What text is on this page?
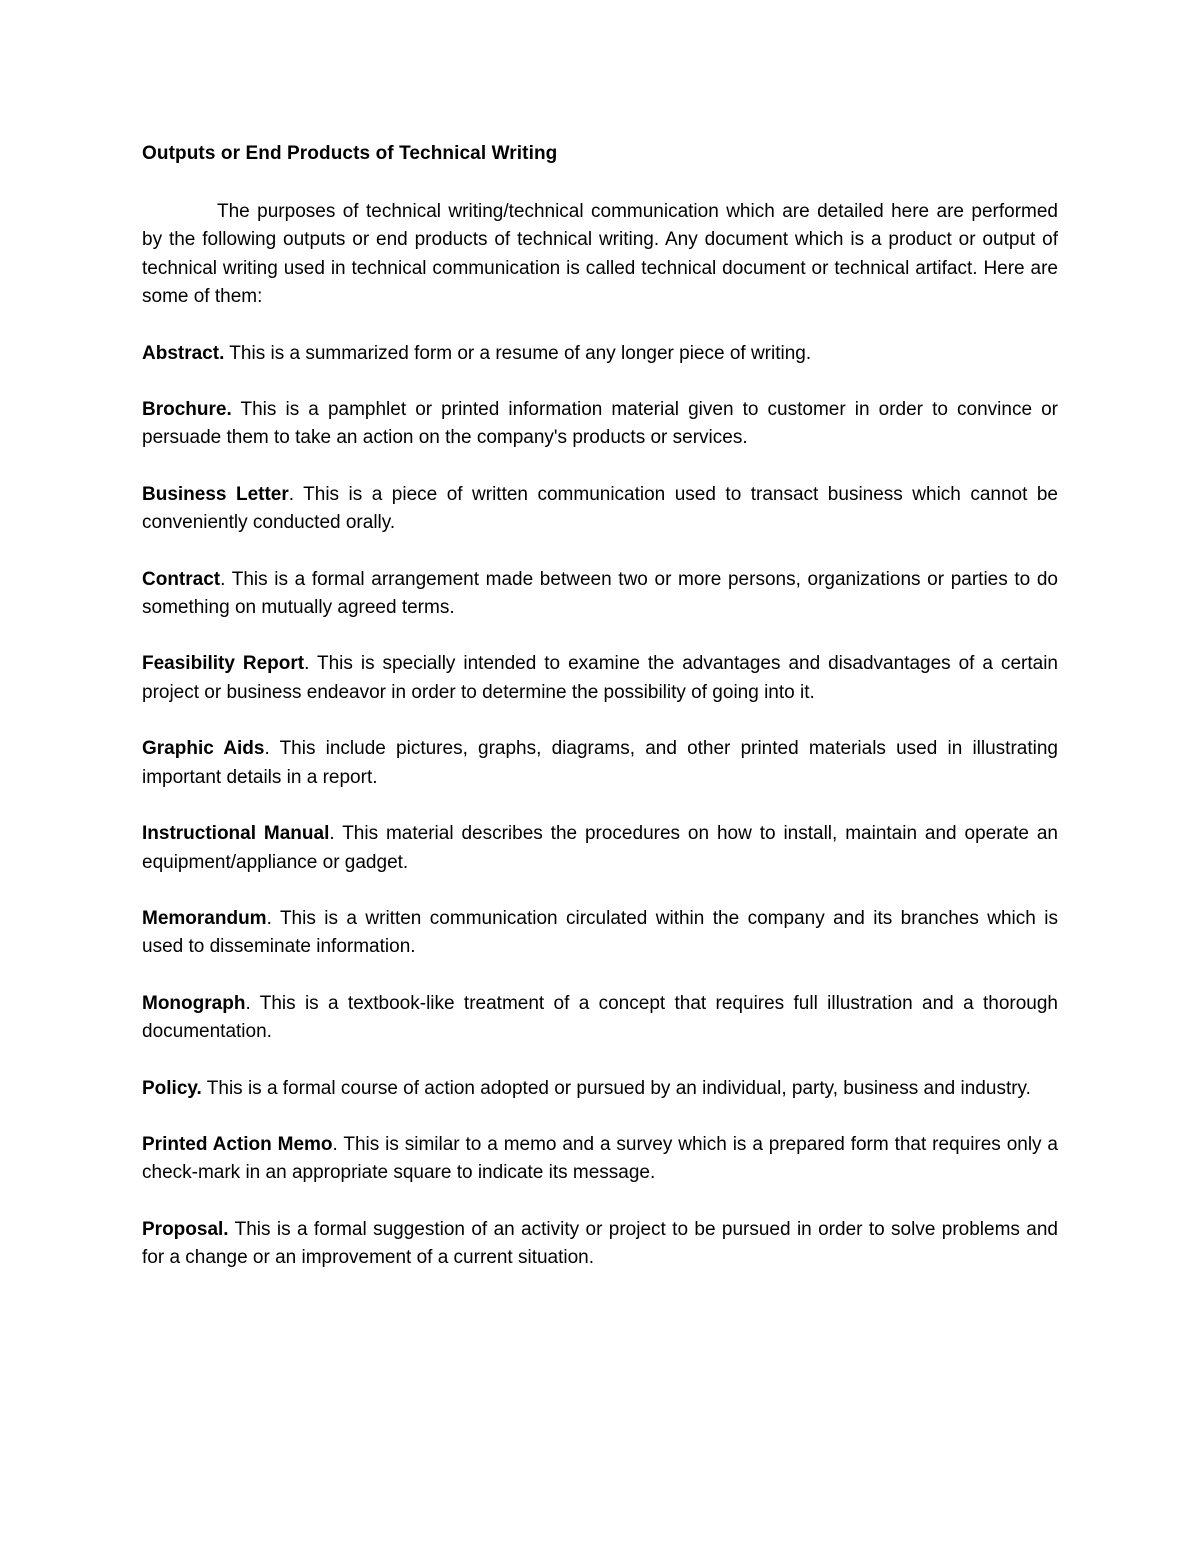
Outputs or End Products of Technical Writing

The purposes of technical writing/technical communication which are detailed here are performed by the following outputs or end products of technical writing. Any document which is a product or output of technical writing used in technical communication is called technical document or technical artifact. Here are some of them:

Abstract. This is a summarized form or a resume of any longer piece of writing.

Brochure. This is a pamphlet or printed information material given to customer in order to convince or persuade them to take an action on the company's products or services.

Business Letter. This is a piece of written communication used to transact business which cannot be conveniently conducted orally.

Contract. This is a formal arrangement made between two or more persons, organizations or parties to do something on mutually agreed terms.

Feasibility Report. This is specially intended to examine the advantages and disadvantages of a certain project or business endeavor in order to determine the possibility of going into it.

Graphic Aids. This include pictures, graphs, diagrams, and other printed materials used in illustrating important details in a report.

Instructional Manual. This material describes the procedures on how to install, maintain and operate an equipment/appliance or gadget.

Memorandum. This is a written communication circulated within the company and its branches which is used to disseminate information.

Monograph. This is a textbook-like treatment of a concept that requires full illustration and a thorough documentation.

Policy. This is a formal course of action adopted or pursued by an individual, party, business and industry.

Printed Action Memo. This is similar to a memo and a survey which is a prepared form that requires only a check-mark in an appropriate square to indicate its message.

Proposal. This is a formal suggestion of an activity or project to be pursued in order to solve problems and for a change or an improvement of a current situation.
